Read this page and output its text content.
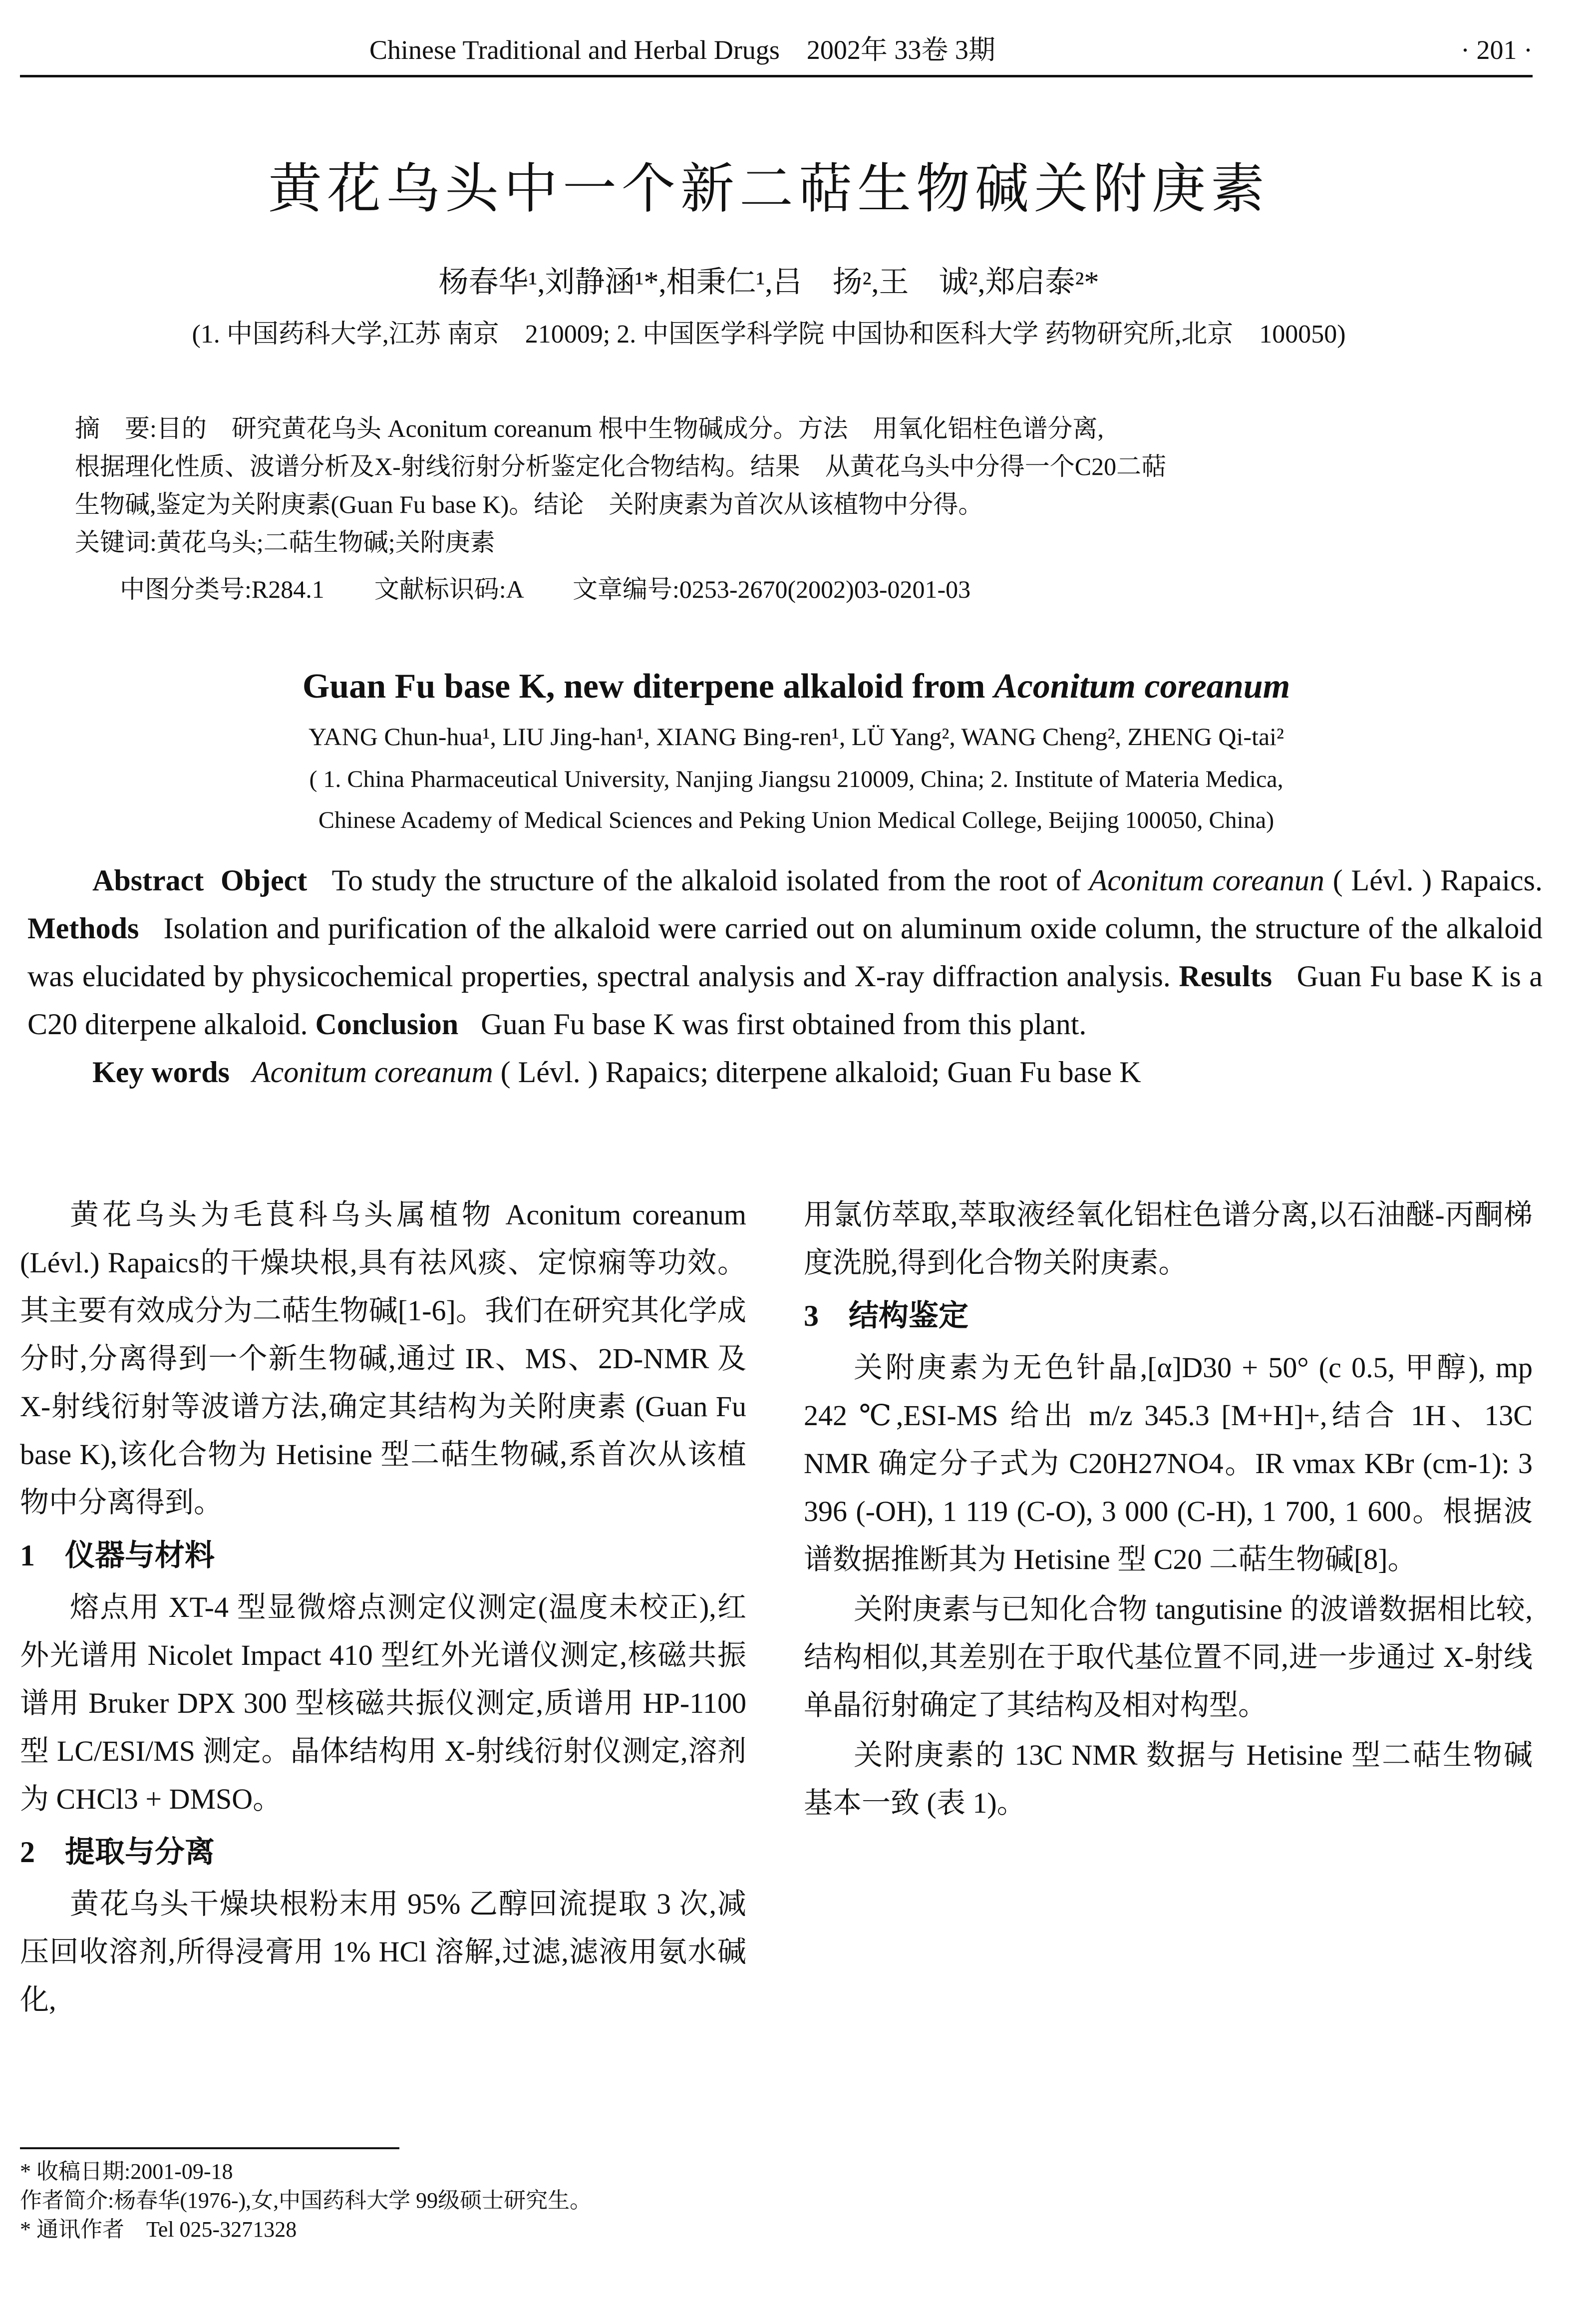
Chinese Traditional and Herbal Drugs 2002年 33卷 3期	· 201 ·
黄花乌头中一个新二萜生物碱关附庚素
杨春华¹,刘静涵¹*,相秉仁¹,吕　扬²,王　诚²,郑启泰²*
(1. 中国药科大学,江苏 南京　210009; 2. 中国医学科学院 中国协和医科大学 药物研究所,北京　100050)
摘　要:目的　研究黄花乌头 Aconitum coreanum 根中生物碱成分。方法　用氧化铝柱色谱分离,
根据理化性质、波谱分析及X-射线衍射分析鉴定化合物结构。结果　从黄花乌头中分得一个C20二萜
生物碱,鉴定为关附庚素(Guan Fu base K)。结论　关附庚素为首次从该植物中分得。
关键词:黄花乌头;二萜生物碱;关附庚素
中图分类号:R284.1　　文献标识码:A　　文章编号:0253-2670(2002)03-0201-03
Guan Fu base K, new diterpene alkaloid from Aconitum coreanum
YANG Chun-hua¹, LIU Jing-han¹, XIANG Bing-ren¹, LÜ Yang², WANG Cheng², ZHENG Qi-tai²
( 1. China Pharmaceutical University, Nanjing Jiangsu 210009, China; 2. Institute of Materia Medica,
Chinese Academy of Medical Sciences and Peking Union Medical College, Beijing 100050, China)

Abstract Object To study the structure of the alkaloid isolated from the root of Aconitum coreanun ( Lévl. ) Rapaics. Methods Isolation and purification of the alkaloid were carried out on aluminum oxide column, the structure of the alkaloid was elucidated by physicochemical properties, spectral analysis and X-ray diffraction analysis. Results Guan Fu base K is a C20 diterpene alkaloid. Conclusion Guan Fu base K was first obtained from this plant.

Key words Aconitum coreanum ( Lévl. ) Rapaics; diterpene alkaloid; Guan Fu base K

黄花乌头为毛茛科乌头属植物 Aconitum coreanum (Lévl.) Rapaics的干燥块根,具有祛风痰、定惊痫等功效。其主要有效成分为二萜生物碱[1-6]。我们在研究其化学成分时,分离得到一个新生物碱,通过 IR、MS、2D-NMR 及 X-射线衍射等波谱方法,确定其结构为关附庚素 (Guan Fu base K),该化合物为 Hetisine 型二萜生物碱,系首次从该植物中分离得到。

1　仪器与材料

熔点用 XT-4 型显微熔点测定仪测定(温度未校正),红外光谱用 Nicolet Impact 410 型红外光谱仪测定,核磁共振谱用 Bruker DPX 300 型核磁共振仪测定,质谱用 HP-1100 型 LC/ESI/MS 测定。晶体结构用 X-射线衍射仪测定,溶剂为 CHCl3 + DMSO。

2　提取与分离

黄花乌头干燥块根粉末用 95% 乙醇回流提取 3 次,减压回收溶剂,所得浸膏用 1% HCl 溶解,过滤,滤液用氨水碱化,

用氯仿萃取,萃取液经氧化铝柱色谱分离,以石油醚-丙酮梯度洗脱,得到化合物关附庚素。

3　结构鉴定

关附庚素为无色针晶,[α]D30 + 50° (c 0.5, 甲醇), mp 242 ℃,ESI-MS 给出 m/z 345.3 [M+H]+,结合 1H、13C NMR 确定分子式为 C20H27NO4。IR νmax KBr (cm-1): 3 396 (-OH), 1 119 (C-O), 3 000 (C-H), 1 700, 1 600。根据波谱数据推断其为 Hetisine 型 C20 二萜生物碱[8]。

关附庚素与已知化合物 tangutisine 的波谱数据相比较,结构相似,其差别在于取代基位置不同,进一步通过 X-射线单晶衍射确定了其结构及相对构型。

关附庚素的 13C NMR 数据与 Hetisine 型二萜生物碱基本一致 (表 1)。

* 收稿日期:2001-09-18
作者简介:杨春华(1976-),女,中国药科大学 99级硕士研究生。
* 通讯作者　Tel 025-3271328
